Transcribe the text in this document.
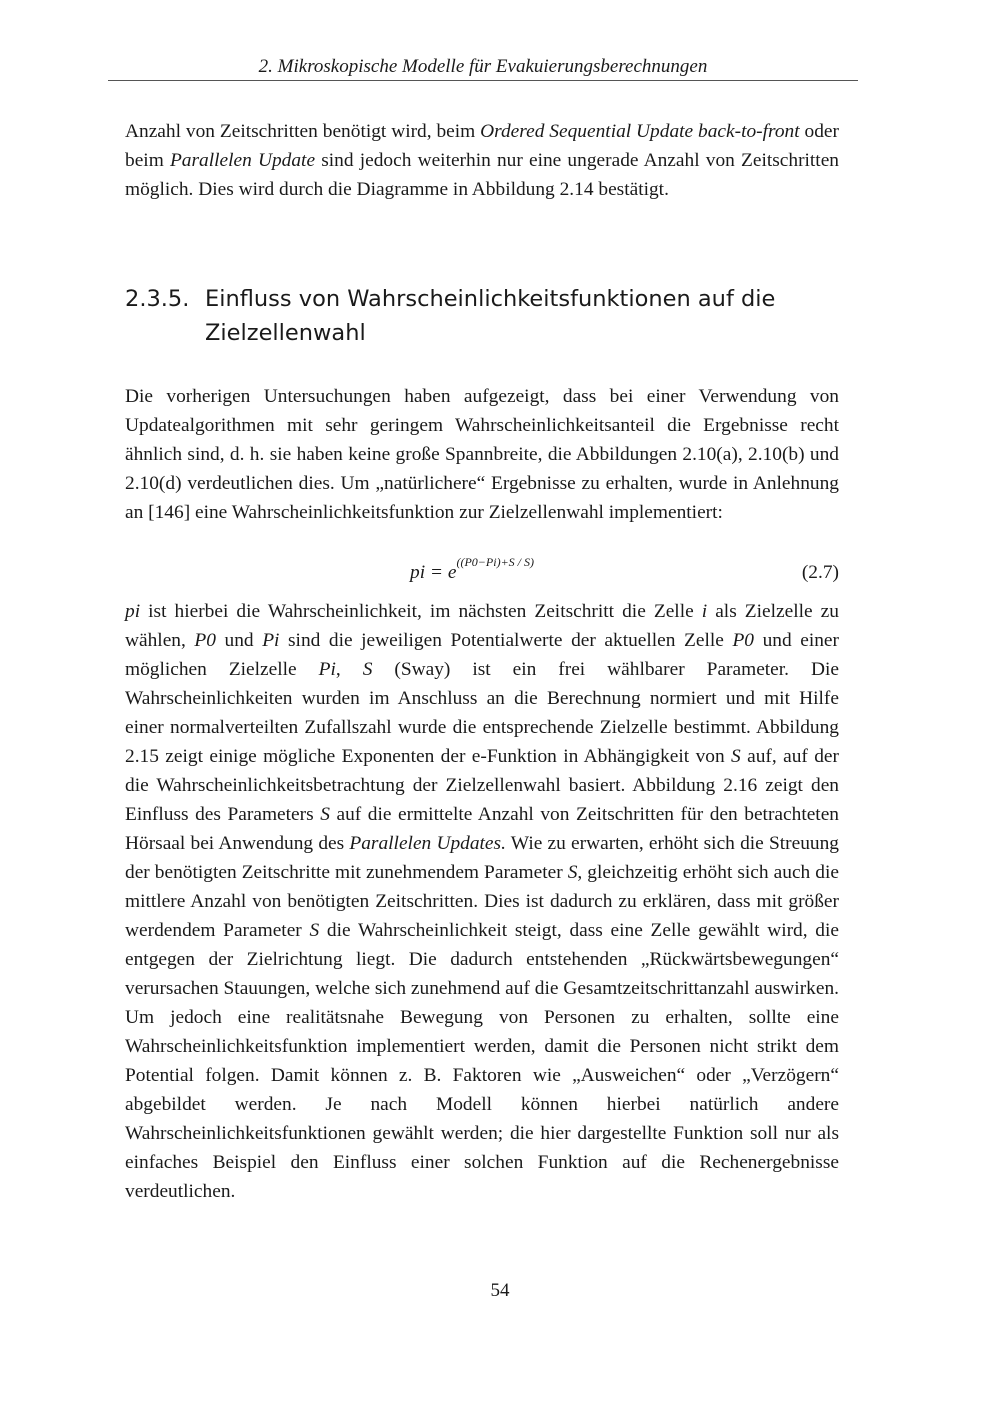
2. Mikroskopische Modelle für Evakuierungsberechnungen

Anzahl von Zeitschritten benötigt wird, beim Ordered Sequential Update back-to-front oder beim Parallelen Update sind jedoch weiterhin nur eine ungerade Anzahl von Zeitschritten möglich. Dies wird durch die Diagramme in Abbildung 2.14 bestätigt.

2.3.5. Einfluss von Wahrscheinlichkeitsfunktionen auf die Zielzellenwahl

Die vorherigen Untersuchungen haben aufgezeigt, dass bei einer Verwendung von Updatealgorithmen mit sehr geringem Wahrscheinlichkeitsanteil die Ergebnisse recht ähnlich sind, d. h. sie haben keine große Spannbreite, die Abbildungen 2.10(a), 2.10(b) und 2.10(d) verdeutlichen dies. Um „natürlichere“ Ergebnisse zu erhalten, wurde in Anlehnung an [146] eine Wahrscheinlichkeitsfunktion zur Zielzellenwahl implementiert:

pi = $e^{((P0-Pi)+S / S)}$	(2.7)

pi ist hierbei die Wahrscheinlichkeit, im nächsten Zeitschritt die Zelle i als Zielzelle zu wählen, P0 und Pi sind die jeweiligen Potentialwerte der aktuellen Zelle P0 und einer möglichen Zielzelle Pi, S (Sway) ist ein frei wählbarer Parameter. Die Wahrscheinlichkeiten wurden im Anschluss an die Berechnung normiert und mit Hilfe einer normalverteilten Zufallszahl wurde die entsprechende Zielzelle bestimmt. Abbildung 2.15 zeigt einige mögliche Exponenten der e-Funktion in Abhängigkeit von S auf, auf der die Wahrscheinlichkeitsbetrachtung der Zielzellenwahl basiert. Abbildung 2.16 zeigt den Einfluss des Parameters S auf die ermittelte Anzahl von Zeitschritten für den betrachteten Hörsaal bei Anwendung des Parallelen Updates. Wie zu erwarten, erhöht sich die Streuung der benötigten Zeitschritte mit zunehmendem Parameter S, gleichzeitig erhöht sich auch die mittlere Anzahl von benötigten Zeitschritten. Dies ist dadurch zu erklären, dass mit größer werdendem Parameter S die Wahrscheinlichkeit steigt, dass eine Zelle gewählt wird, die entgegen der Zielrichtung liegt. Die dadurch entstehenden „Rückwärtsbewegungen“ verursachen Stauungen, welche sich zunehmend auf die Gesamtzeitschrittanzahl auswirken. Um jedoch eine realitätsnahe Bewegung von Personen zu erhalten, sollte eine Wahrscheinlichkeitsfunktion implementiert werden, damit die Personen nicht strikt dem Potential folgen. Damit können z. B. Faktoren wie „Ausweichen“ oder „Verzögern“ abgebildet werden. Je nach Modell können hierbei natürlich andere Wahrscheinlichkeitsfunktionen gewählt werden; die hier dargestellte Funktion soll nur als einfaches Beispiel den Einfluss einer solchen Funktion auf die Rechenergebnisse verdeutlichen.

54
